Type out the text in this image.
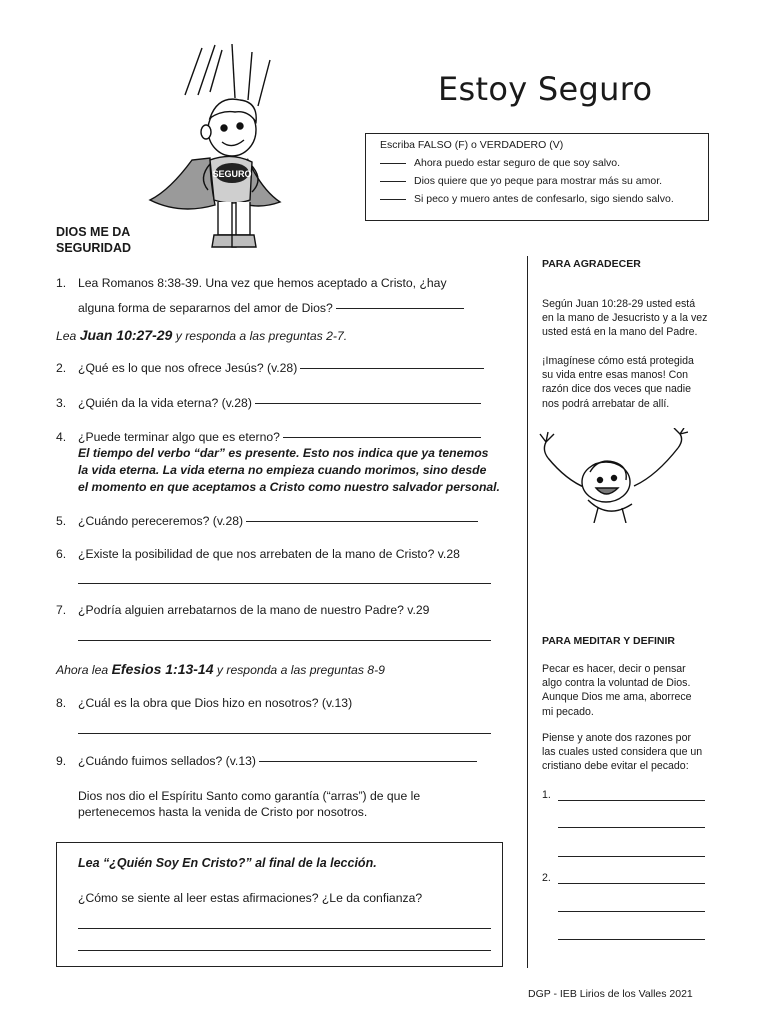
SEGURO
Estoy Seguro
Escriba FALSO (F) o VERDADERO (V)
Ahora puedo estar seguro de que soy salvo.
Dios quiere que yo peque para mostrar más su amor.
Si peco y muero antes de confesarlo, sigo siendo salvo.
DIOS ME DA
SEGURIDAD
1. Lea Romanos 8:38-39. Una vez que hemos aceptado a Cristo, ¿hay
alguna forma de separarnos del amor de Dios?
Lea Juan 10:27-29 y responda a las preguntas 2-7.
2. ¿Qué es lo que nos ofrece Jesús? (v.28)
3. ¿Quién da la vida eterna? (v.28)
4. ¿Puede terminar algo que es eterno?
El tiempo del verbo “dar” es presente. Esto nos indica que ya tenemos
la vida eterna. La vida eterna no empieza cuando morimos, sino desde
el momento en que aceptamos a Cristo como nuestro salvador personal.
5. ¿Cuándo pereceremos? (v.28)
6. ¿Existe la posibilidad de que nos arrebaten de la mano de Cristo? v.28
7. ¿Podría alguien arrebatarnos de la mano de nuestro Padre? v.29
Ahora lea Efesios 1:13-14 y responda a las preguntas 8-9
8. ¿Cuál es la obra que Dios hizo en nosotros? (v.13)
9. ¿Cuándo fuimos sellados? (v.13)
Dios nos dio el Espíritu Santo como garantía (“arras”) de que le
pertenecemos hasta la venida de Cristo por nosotros.
Lea “¿Quién Soy En Cristo?” al final de la lección.
¿Cómo se siente al leer estas afirmaciones? ¿Le da confianza?
PARA AGRADECER
Según Juan 10:28-29 usted está
en la mano de Jesucristo y a la vez
usted está en la mano del Padre.
¡Imagínese cómo está protegida
su vida entre esas manos! Con
razón dice dos veces que nadie
nos podrá arrebatar de allí.
PARA MEDITAR Y DEFINIR
Pecar es hacer, decir o pensar
algo contra la voluntad de Dios.
Aunque Dios me ama, aborrece
mi pecado.
Piense y anote dos razones por
las cuales usted considera que un
cristiano debe evitar el pecado:
1.
2.
DGP - IEB Lirios de los Valles 2021
